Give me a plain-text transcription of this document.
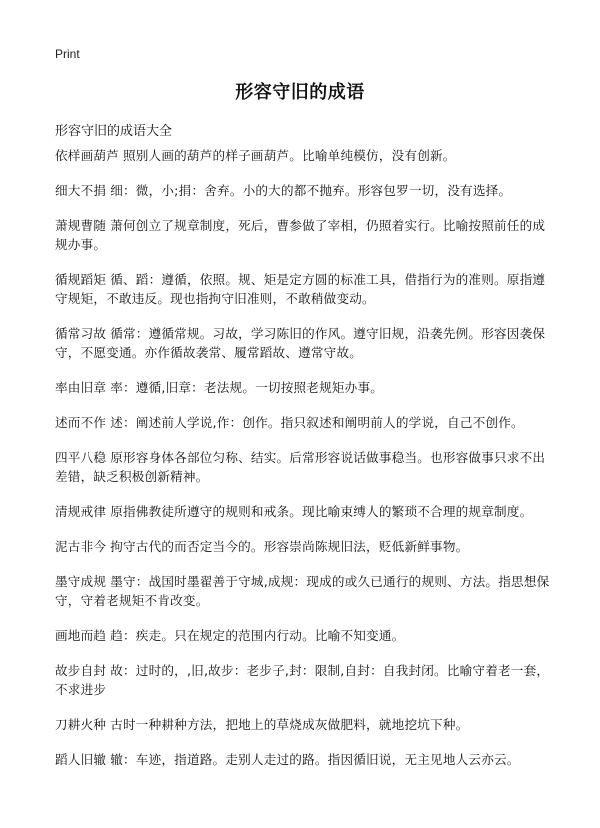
Print
形容守旧的成语

形容守旧的成语大全

依样画葫芦 照别人画的葫芦的样子画葫芦。比喻单纯模仿，没有创新。
细大不捐 细：微，小;捐：舍弃。小的大的都不抛弃。形容包罗一切，没有选择。
萧规曹随 萧何创立了规章制度，死后，曹参做了宰相，仍照着实行。比喻按照前任的成规办事。
循规蹈矩 循、蹈：遵循，依照。规、矩是定方圆的标准工具，借指行为的准则。原指遵守规矩，不敢违反。现也指拘守旧准则，不敢稍做变动。
循常习故 循常：遵循常规。习故，学习陈旧的作风。遵守旧规，沿袭先例。形容因袭保守，不愿变通。亦作循故袭常、履常蹈故、遵常守故。
率由旧章 率：遵循,旧章：老法规。一切按照老规矩办事。
述而不作 述：阐述前人学说,作：创作。指只叙述和阐明前人的学说，自己不创作。
四平八稳 原形容身体各部位匀称、结实。后常形容说话做事稳当。也形容做事只求不出差错，缺乏积极创新精神。
清规戒律 原指佛教徒所遵守的规则和戒条。现比喻束缚人的繁琐不合理的规章制度。
泥古非今 拘守古代的而否定当今的。形容崇尚陈规旧法，贬低新鲜事物。
墨守成规 墨守：战国时墨翟善于守城,成规：现成的或久已通行的规则、方法。指思想保守，守着老规矩不肯改变。
画地而趋 趋：疾走。只在规定的范围内行动。比喻不知变通。
故步自封 故：过时的，,旧,故步：老步子,封：限制,自封：自我封闭。比喻守着老一套，不求进步
刀耕火种 古时一种耕种方法，把地上的草烧成灰做肥料，就地挖坑下种。
蹈人旧辙 辙：车迹，指道路。走别人走过的路。指因循旧说，无主见地人云亦云。
